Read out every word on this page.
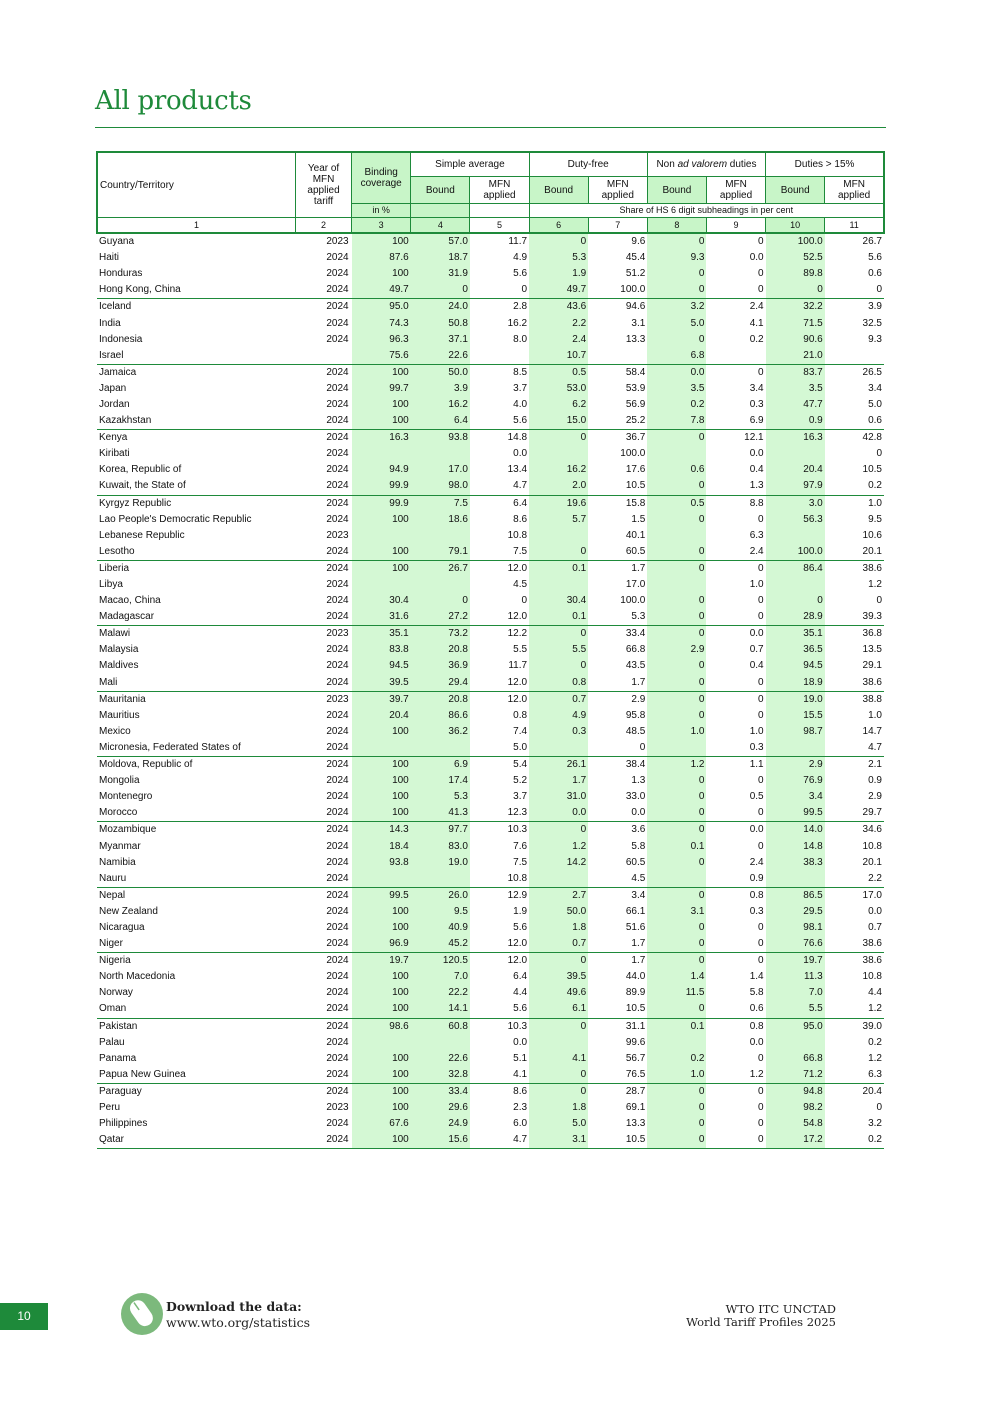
All products
Country/Territory	Year of MFN applied tariff	Binding coverage	Simple average		Duty-free		Non ad valorem duties		Duties > 15%	
			Bound	MFN applied	Bound	MFN applied	Bound	MFN applied	Bound	MFN applied
		in %			Share of HS 6 digit subheadings in per cent					
1	2	3	4	5	6	7	8	9	10	11
Guyana	2023	100	57.0	11.7	0	9.6	0	0	100.0	26.7
Haiti	2024	87.6	18.7	4.9	5.3	45.4	9.3	0.0	52.5	5.6
Honduras	2024	100	31.9	5.6	1.9	51.2	0	0	89.8	0.6
Hong Kong, China	2024	49.7	0	0	49.7	100.0	0	0	0	0
Iceland	2024	95.0	24.0	2.8	43.6	94.6	3.2	2.4	32.2	3.9
India	2024	74.3	50.8	16.2	2.2	3.1	5.0	4.1	71.5	32.5
Indonesia	2024	96.3	37.1	8.0	2.4	13.3	0	0.2	90.6	9.3
Israel		75.6	22.6		10.7		6.8		21.0	
Jamaica	2024	100	50.0	8.5	0.5	58.4	0.0	0	83.7	26.5
Japan	2024	99.7	3.9	3.7	53.0	53.9	3.5	3.4	3.5	3.4
Jordan	2024	100	16.2	4.0	6.2	56.9	0.2	0.3	47.7	5.0
Kazakhstan	2024	100	6.4	5.6	15.0	25.2	7.8	6.9	0.9	0.6
Kenya	2024	16.3	93.8	14.8	0	36.7	0	12.1	16.3	42.8
Kiribati	2024			0.0		100.0		0.0		0
Korea, Republic of	2024	94.9	17.0	13.4	16.2	17.6	0.6	0.4	20.4	10.5
Kuwait, the State of	2024	99.9	98.0	4.7	2.0	10.5	0	1.3	97.9	0.2
Kyrgyz Republic	2024	99.9	7.5	6.4	19.6	15.8	0.5	8.8	3.0	1.0
Lao People's Democratic Republic	2024	100	18.6	8.6	5.7	1.5	0	0	56.3	9.5
Lebanese Republic	2023			10.8		40.1		6.3		10.6
Lesotho	2024	100	79.1	7.5	0	60.5	0	2.4	100.0	20.1
Liberia	2024	100	26.7	12.0	0.1	1.7	0	0	86.4	38.6
Libya	2024			4.5		17.0		1.0		1.2
Macao, China	2024	30.4	0	0	30.4	100.0	0	0	0	0
Madagascar	2024	31.6	27.2	12.0	0.1	5.3	0	0	28.9	39.3
Malawi	2023	35.1	73.2	12.2	0	33.4	0	0.0	35.1	36.8
Malaysia	2024	83.8	20.8	5.5	5.5	66.8	2.9	0.7	36.5	13.5
Maldives	2024	94.5	36.9	11.7	0	43.5	0	0.4	94.5	29.1
Mali	2024	39.5	29.4	12.0	0.8	1.7	0	0	18.9	38.6
Mauritania	2023	39.7	20.8	12.0	0.7	2.9	0	0	19.0	38.8
Mauritius	2024	20.4	86.6	0.8	4.9	95.8	0	0	15.5	1.0
Mexico	2024	100	36.2	7.4	0.3	48.5	1.0	1.0	98.7	14.7
Micronesia, Federated States of	2024			5.0		0		0.3		4.7
Moldova, Republic of	2024	100	6.9	5.4	26.1	38.4	1.2	1.1	2.9	2.1
Mongolia	2024	100	17.4	5.2	1.7	1.3	0	0	76.9	0.9
Montenegro	2024	100	5.3	3.7	31.0	33.0	0	0.5	3.4	2.9
Morocco	2024	100	41.3	12.3	0.0	0.0	0	0	99.5	29.7
Mozambique	2024	14.3	97.7	10.3	0	3.6	0	0.0	14.0	34.6
Myanmar	2024	18.4	83.0	7.6	1.2	5.8	0.1	0	14.8	10.8
Namibia	2024	93.8	19.0	7.5	14.2	60.5	0	2.4	38.3	20.1
Nauru	2024			10.8		4.5		0.9		2.2
Nepal	2024	99.5	26.0	12.9	2.7	3.4	0	0.8	86.5	17.0
New Zealand	2024	100	9.5	1.9	50.0	66.1	3.1	0.3	29.5	0.0
Nicaragua	2024	100	40.9	5.6	1.8	51.6	0	0	98.1	0.7
Niger	2024	96.9	45.2	12.0	0.7	1.7	0	0	76.6	38.6
Nigeria	2024	19.7	120.5	12.0	0	1.7	0	0	19.7	38.6
North Macedonia	2024	100	7.0	6.4	39.5	44.0	1.4	1.4	11.3	10.8
Norway	2024	100	22.2	4.4	49.6	89.9	11.5	5.8	7.0	4.4
Oman	2024	100	14.1	5.6	6.1	10.5	0	0.6	5.5	1.2
Pakistan	2024	98.6	60.8	10.3	0	31.1	0.1	0.8	95.0	39.0
Palau	2024			0.0		99.6		0.0		0.2
Panama	2024	100	22.6	5.1	4.1	56.7	0.2	0	66.8	1.2
Papua New Guinea	2024	100	32.8	4.1	0	76.5	1.0	1.2	71.2	6.3
Paraguay	2024	100	33.4	8.6	0	28.7	0	0	94.8	20.4
Peru	2023	100	29.6	2.3	1.8	69.1	0	0	98.2	0
Philippines	2024	67.6	24.9	6.0	5.0	13.3	0	0	54.8	3.2
Qatar	2024	100	15.6	4.7	3.1	10.5	0	0	17.2	0.2
10
Download the data:
www.wto.org/statistics
WTO ITC UNCTAD
World Tariff Profiles 2025
